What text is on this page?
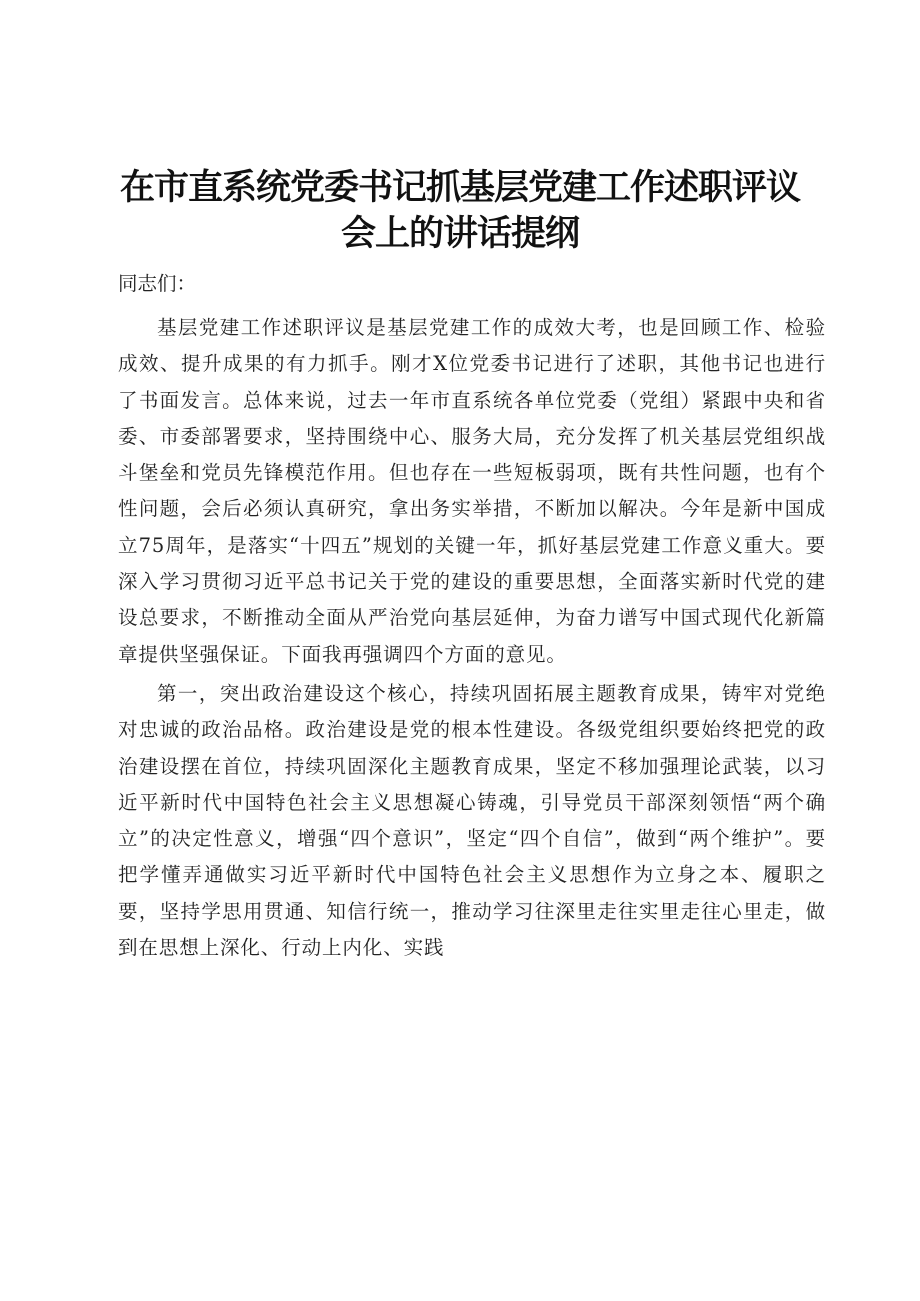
在市直系统党委书记抓基层党建工作述职评议
会上的讲话提纲

同志们：

基层党建工作述职评议是基层党建工作的成效大考，也是回顾工作、检验成效、提升成果的有力抓手。刚才X位党委书记进行了述职，其他书记也进行了书面发言。总体来说，过去一年市直系统各单位党委（党组）紧跟中央和省委、市委部署要求，坚持围绕中心、服务大局，充分发挥了机关基层党组织战斗堡垒和党员先锋模范作用。但也存在一些短板弱项，既有共性问题，也有个性问题，会后必须认真研究，拿出务实举措，不断加以解决。今年是新中国成立75周年，是落实“十四五”规划的关键一年，抓好基层党建工作意义重大。要深入学习贯彻习近平总书记关于党的建设的重要思想，全面落实新时代党的建设总要求，不断推动全面从严治党向基层延伸，为奋力谱写中国式现代化新篇章提供坚强保证。下面我再强调四个方面的意见。

第一，突出政治建设这个核心，持续巩固拓展主题教育成果，铸牢对党绝对忠诚的政治品格。政治建设是党的根本性建设。各级党组织要始终把党的政治建设摆在首位，持续巩固深化主题教育成果，坚定不移加强理论武装，以习近平新时代中国特色社会主义思想凝心铸魂，引导党员干部深刻领悟“两个确立”的决定性意义，增强“四个意识”，坚定“四个自信”，做到“两个维护”。要把学懂弄通做实习近平新时代中国特色社会主义思想作为立身之本、履职之要，坚持学思用贯通、知信行统一，推动学习往深里走往实里走往心里走，做到在思想上深化、行动上内化、实践
